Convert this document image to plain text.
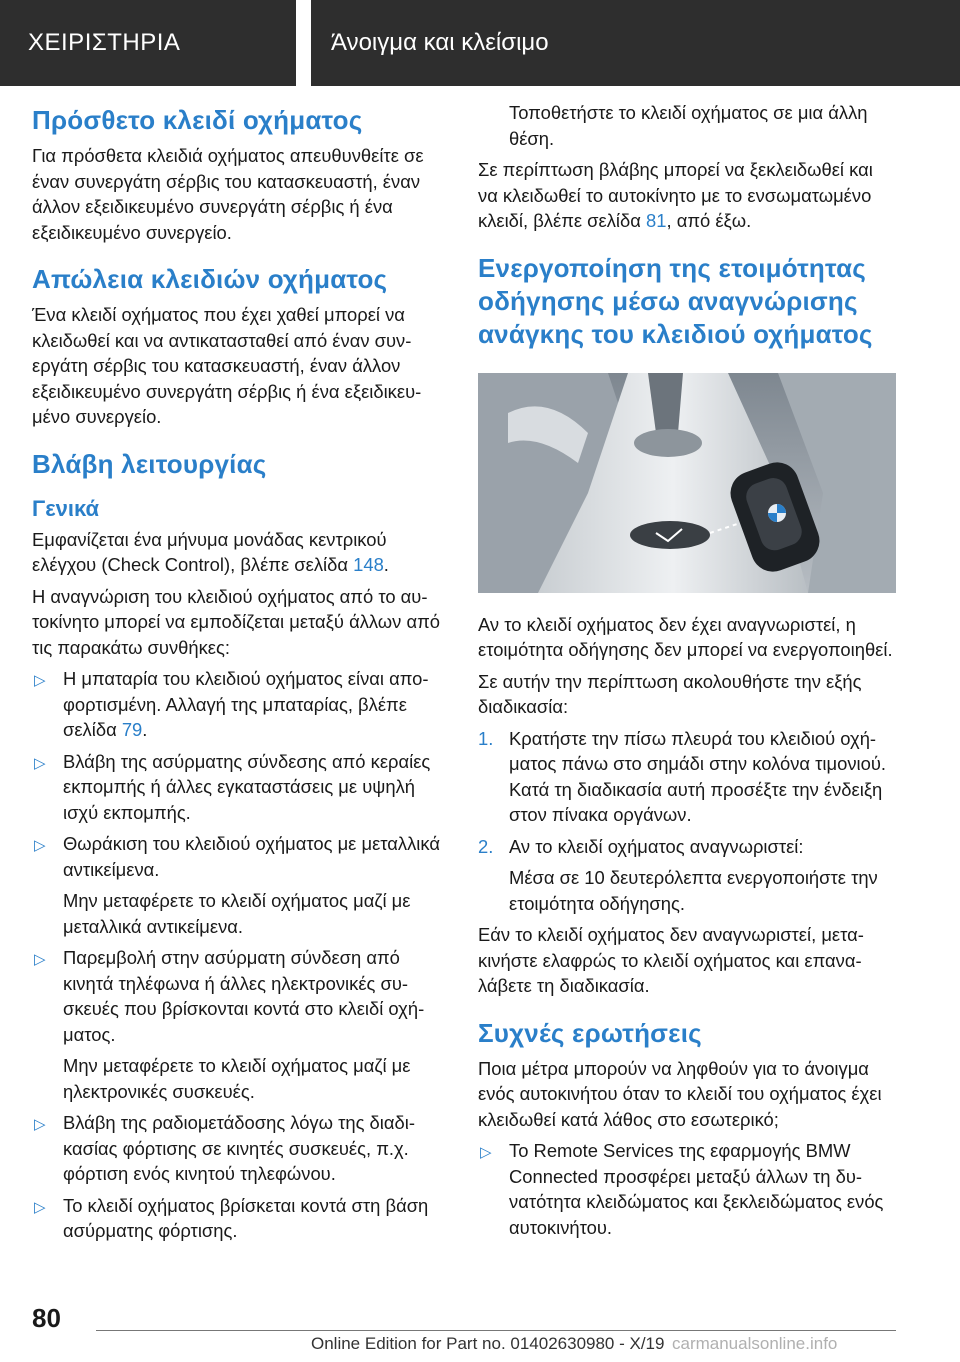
ΧΕΙΡΙΣΤΗΡΙΑ	Άνοιγμα και κλείσιμο
Πρόσθετο κλειδί οχήματος

Για πρόσθετα κλειδιά οχήματος απευθυνθείτε σε έναν συνεργάτη σέρβις του κατασκευαστή, έναν άλλον εξειδικευμένο συνεργάτη σέρβις ή ένα εξειδικευμένο συνεργείο.

Απώλεια κλειδιών οχήματος

Ένα κλειδί οχήματος που έχει χαθεί μπορεί να κλειδωθεί και να αντικατασταθεί από έναν συνεργάτη σέρβις του κατασκευαστή, έναν άλλον εξειδικευμένο συνεργάτη σέρβις ή ένα εξειδικευμένο συνεργείο.

Βλάβη λειτουργίας
Γενικά

Εμφανίζεται ένα μήνυμα μονάδας κεντρικού ελέγχου (Check Control), βλέπε σελίδα 148.

Η αναγνώριση του κλειδιού οχήματος από το αυτοκίνητο μπορεί να εμποδίζεται μεταξύ άλλων από τις παρακάτω συνθήκες:

▷ Η μπαταρία του κλειδιού οχήματος είναι αποφορτισμένη. Αλλαγή της μπαταρίας, βλέπε σελίδα 79.
▷ Βλάβη της ασύρματης σύνδεσης από κεραίες εκπομπής ή άλλες εγκαταστάσεις με υψηλή ισχύ εκπομπής.
▷ Θωράκιση του κλειδιού οχήματος με μεταλλικά αντικείμενα.

Μην μεταφέρετε το κλειδί οχήματος μαζί με μεταλλικά αντικείμενα.

▷ Παρεμβολή στην ασύρματη σύνδεση από κινητά τηλέφωνα ή άλλες ηλεκτρονικές συσκευές που βρίσκονται κοντά στο κλειδί οχήματος.

Μην μεταφέρετε το κλειδί οχήματος μαζί με ηλεκτρονικές συσκευές.

▷ Βλάβη της ραδιομετάδοσης λόγω της διαδικασίας φόρτισης σε κινητές συσκευές, π.χ. φόρτιση ενός κινητού τηλεφώνου.
▷ Το κλειδί οχήματος βρίσκεται κοντά στη βάση ασύρματης φόρτισης.

Τοποθετήστε το κλειδί οχήματος σε μια άλλη θέση.

Σε περίπτωση βλάβης μπορεί να ξεκλειδωθεί και να κλειδωθεί το αυτοκίνητο με το ενσωματωμένο κλειδί, βλέπε σελίδα 81, από έξω.

Ενεργοποίηση της ετοιμότητας οδήγησης μέσω αναγνώρισης ανάγκης του κλειδιού οχήματος

Αν το κλειδί οχήματος δεν έχει αναγνωριστεί, η ετοιμότητα οδήγησης δεν μπορεί να ενεργοποιηθεί.

Σε αυτήν την περίπτωση ακολουθήστε την εξής διαδικασία:

1. Κρατήστε την πίσω πλευρά του κλειδιού οχήματος πάνω στο σημάδι στην κολόνα τιμονιού. Κατά τη διαδικασία αυτή προσέξτε την ένδειξη στον πίνακα οργάνων.
2. Αν το κλειδί οχήματος αναγνωριστεί:

Μέσα σε 10 δευτερόλεπτα ενεργοποιήστε την ετοιμότητα οδήγησης.

Εάν το κλειδί οχήματος δεν αναγνωριστεί, μετακινήστε ελαφρώς το κλειδί οχήματος και επαναλάβετε τη διαδικασία.

Συχνές ερωτήσεις

Ποια μέτρα μπορούν να ληφθούν για το άνοιγμα ενός αυτοκινήτου όταν το κλειδί του οχήματος έχει κλειδωθεί κατά λάθος στο εσωτερικό;

▷ Το Remote Services της εφαρμογής BMW Connected προσφέρει μεταξύ άλλων τη δυνατότητα κλειδώματος και ξεκλειδώματος ενός αυτοκινήτου.
80
Online Edition for Part no. 01402630980 - X/19 carmanualsonline.info
